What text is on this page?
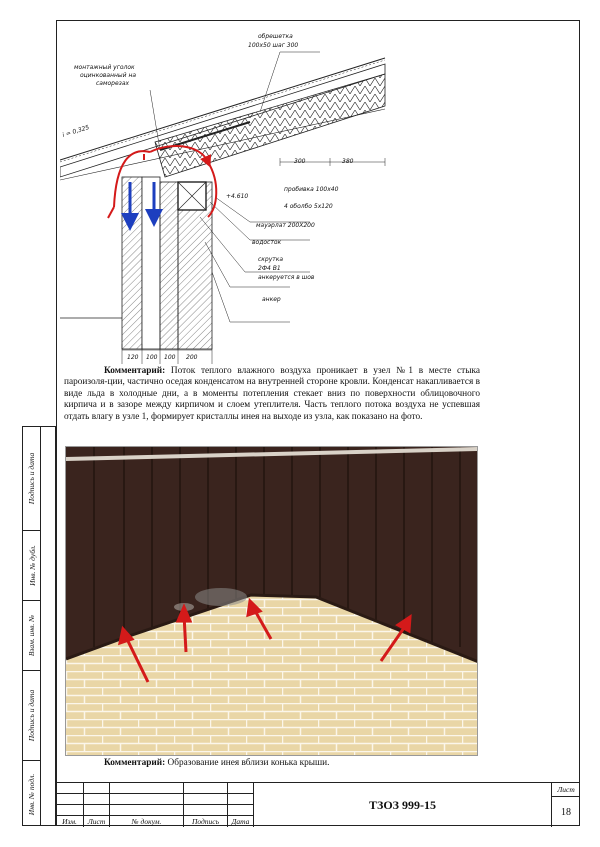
обрешетка
100x50 шаг 300
монтажный уголок
оцинкованный на
саморезах
i = 0,325
+4.610
пробивка 100x40
4 оболбо 5x120
мауэрлат 200X200
водосток
скрутка
2Ф4 В1
анкеруется в шов
анкер
300	380
120 100 100 200
Комментарий: Поток теплого влажного воздуха проникает в узел №1 в месте стыка пароизоля-ции, частично оседая конденсатом на внутренней стороне кровли. Конденсат накапливается в виде льда в холодные дни, а в моменты потепления стекает вниз по поверхности облицовочного кирпича и в зазоре между кирпичом и слоем утеплителя. Часть теплого потока воздуха не успевшая отдать влагу в узле 1, формирует кристаллы инея на выходе из узла, как показано на фото.
Комментарий: Образование инея вблизи конька крыши.
Подпись и дата
Инв. № дубл.
Взам. инв. №
Подпись и дата
Инв. № подл.
Изм.	Лист	№ докум.	Подпись	Дата
ТЗОЗ 999-15
Лист
18
